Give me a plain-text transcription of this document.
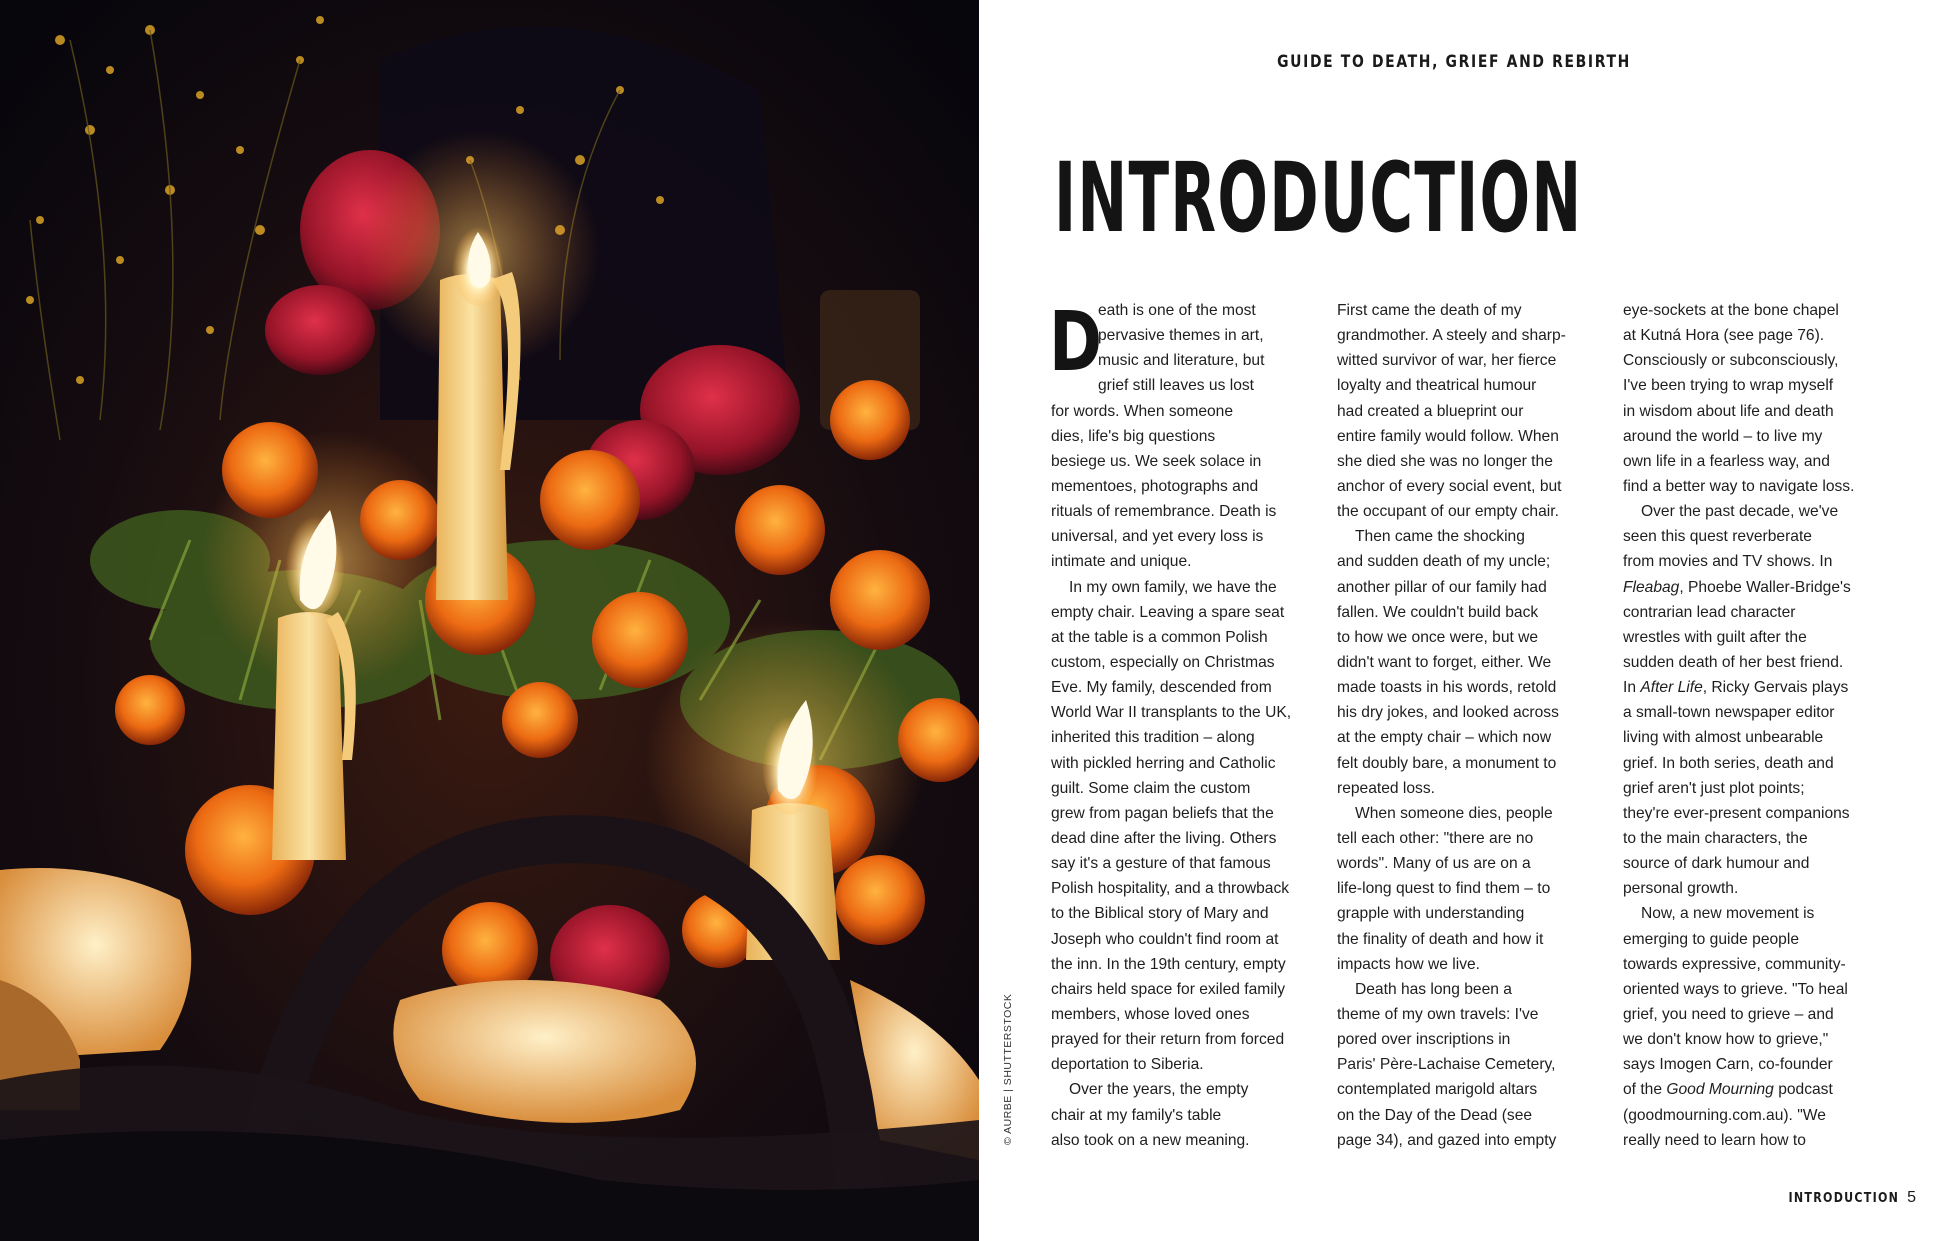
GUIDE TO DEATH, GRIEF AND REBIRTH
INTRODUCTION
D
eath is one of the most
pervasive themes in art,
music and literature, but
grief still leaves us lost
for words. When someone
dies, life's big questions
besiege us. We seek solace in
mementoes, photographs and
rituals of remembrance. Death is
universal, and yet every loss is
intimate and unique.
In my own family, we have the
empty chair. Leaving a spare seat
at the table is a common Polish
custom, especially on Christmas
Eve. My family, descended from
World War II transplants to the UK,
inherited this tradition – along
with pickled herring and Catholic
guilt. Some claim the custom
grew from pagan beliefs that the
dead dine after the living. Others
say it's a gesture of that famous
Polish hospitality, and a throwback
to the Biblical story of Mary and
Joseph who couldn't find room at
the inn. In the 19th century, empty
chairs held space for exiled family
members, whose loved ones
prayed for their return from forced
deportation to Siberia.
Over the years, the empty
chair at my family's table
also took on a new meaning.
First came the death of my
grandmother. A steely and sharp-
witted survivor of war, her fierce
loyalty and theatrical humour
had created a blueprint our
entire family would follow. When
she died she was no longer the
anchor of every social event, but
the occupant of our empty chair.
Then came the shocking
and sudden death of my uncle;
another pillar of our family had
fallen. We couldn't build back
to how we once were, but we
didn't want to forget, either. We
made toasts in his words, retold
his dry jokes, and looked across
at the empty chair – which now
felt doubly bare, a monument to
repeated loss.
When someone dies, people
tell each other: "there are no
words". Many of us are on a
life-long quest to find them – to
grapple with understanding
the finality of death and how it
impacts how we live.
Death has long been a
theme of my own travels: I've
pored over inscriptions in
Paris' Père-Lachaise Cemetery,
contemplated marigold altars
on the Day of the Dead (see
page 34), and gazed into empty
eye-sockets at the bone chapel
at Kutná Hora (see page 76).
Consciously or subconsciously,
I've been trying to wrap myself
in wisdom about life and death
around the world – to live my
own life in a fearless way, and
find a better way to navigate loss.
Over the past decade, we've
seen this quest reverberate
from movies and TV shows. In
Fleabag, Phoebe Waller-Bridge's
contrarian lead character
wrestles with guilt after the
sudden death of her best friend.
In After Life, Ricky Gervais plays
a small-town newspaper editor
living with almost unbearable
grief. In both series, death and
grief aren't just plot points;
they're ever-present companions
to the main characters, the
source of dark humour and
personal growth.
Now, a new movement is
emerging to guide people
towards expressive, community-
oriented ways to grieve. "To heal
grief, you need to grieve – and
we don't know how to grieve,"
says Imogen Carn, co-founder
of the Good Mourning podcast
(goodmourning.com.au). "We
really need to learn how to
INTRODUCTION 5
© AURBE | SHUTTERSTOCK
